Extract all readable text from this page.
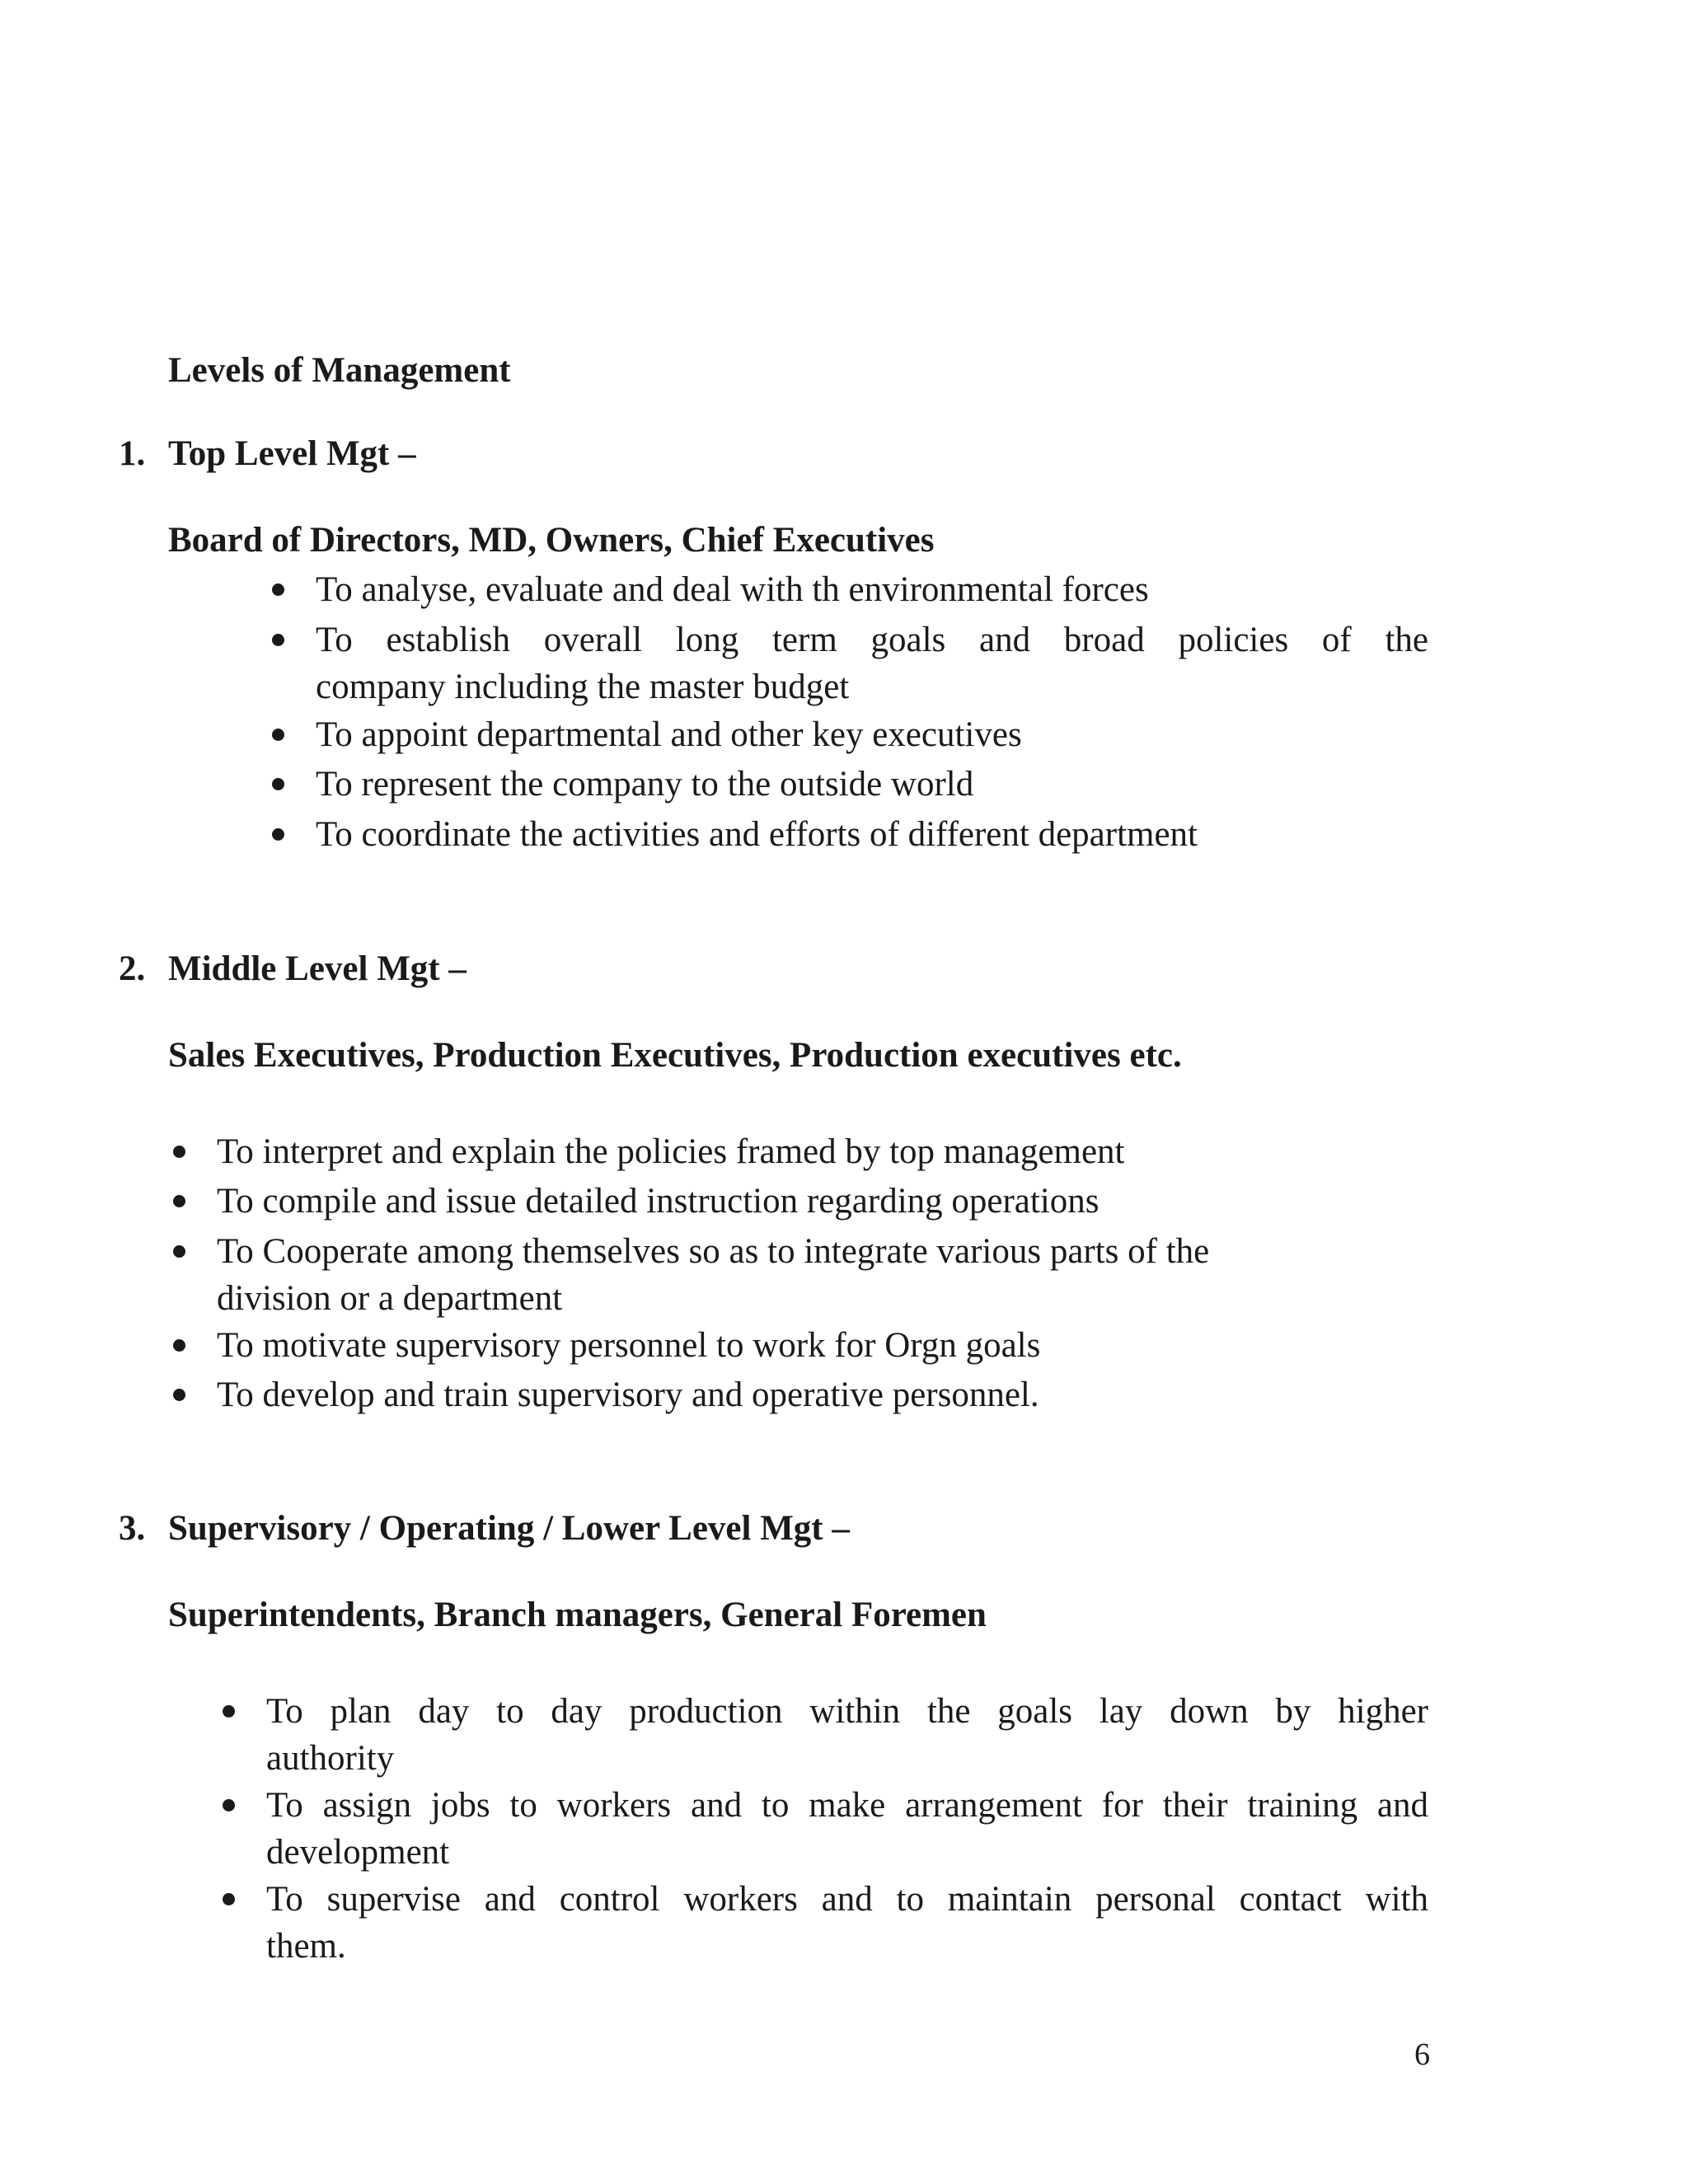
Levels of Management
1. Top Level Mgt –
Board of Directors, MD, Owners, Chief Executives
To analyse, evaluate and deal with th environmental forces
To establish overall long term goals and broad policies of the
company including the master budget
To appoint departmental and other key executives
To represent the company to the outside world
To coordinate the activities and efforts of different department
2. Middle Level Mgt –
Sales Executives, Production Executives, Production executives etc.
To interpret and explain the policies framed by top management
To compile and issue detailed instruction regarding operations
To Cooperate among themselves so as to integrate various parts of the
division or a department
To motivate supervisory personnel to work for Orgn goals
To develop and train supervisory and operative personnel.
3. Supervisory / Operating / Lower Level Mgt –
Superintendents, Branch managers, General Foremen
To plan day to day production within the goals lay down by higher
authority
To assign jobs to workers and to make arrangement for their training and
development
To supervise and control workers and to maintain personal contact with
them.
6
